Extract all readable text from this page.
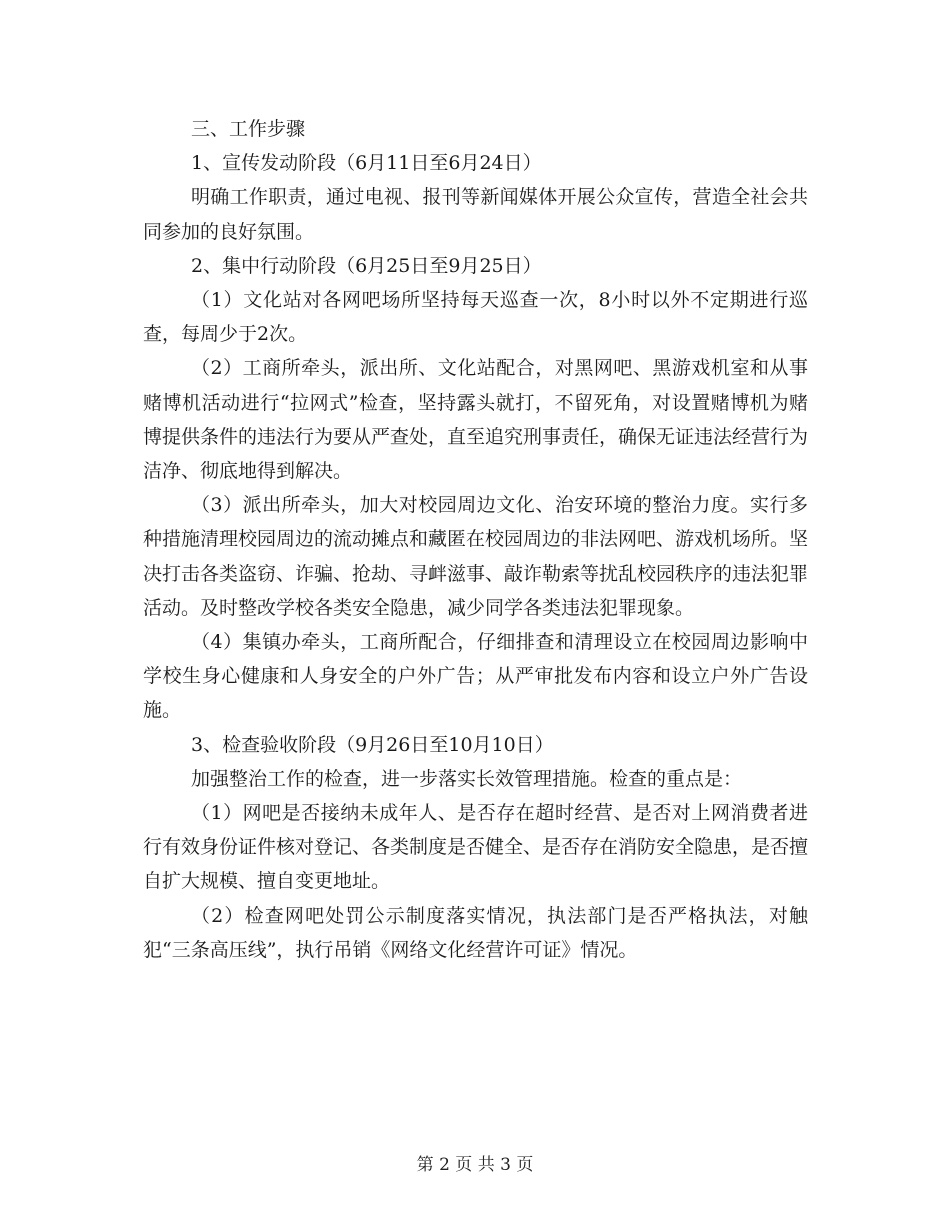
三、工作步骤

1、宣传发动阶段（6月11日至6月24日）

明确工作职责，通过电视、报刊等新闻媒体开展公众宣传，营造全社会共同参加的良好氛围。

2、集中行动阶段（6月25日至9月25日）

（1）文化站对各网吧场所坚持每天巡查一次，8小时以外不定期进行巡查，每周少于2次。

（2）工商所牵头，派出所、文化站配合，对黑网吧、黑游戏机室和从事赌博机活动进行“拉网式”检查，坚持露头就打，不留死角，对设置赌博机为赌博提供条件的违法行为要从严查处，直至追究刑事责任，确保无证违法经营行为洁净、彻底地得到解决。

（3）派出所牵头，加大对校园周边文化、治安环境的整治力度。实行多种措施清理校园周边的流动摊点和藏匿在校园周边的非法网吧、游戏机场所。坚决打击各类盗窃、诈骗、抢劫、寻衅滋事、敲诈勒索等扰乱校园秩序的违法犯罪活动。及时整改学校各类安全隐患，减少同学各类违法犯罪现象。

（4）集镇办牵头，工商所配合，仔细排查和清理设立在校园周边影响中学校生身心健康和人身安全的户外广告；从严审批发布内容和设立户外广告设施。

3、检查验收阶段（9月26日至10月10日）

加强整治工作的检查，进一步落实长效管理措施。检查的重点是：

（1）网吧是否接纳未成年人、是否存在超时经营、是否对上网消费者进行有效身份证件核对登记、各类制度是否健全、是否存在消防安全隐患，是否擅自扩大规模、擅自变更地址。

（2）检查网吧处罚公示制度落实情况，执法部门是否严格执法，对触犯“三条高压线”，执行吊销《网络文化经营许可证》情况。

第 2 页 共 3 页
